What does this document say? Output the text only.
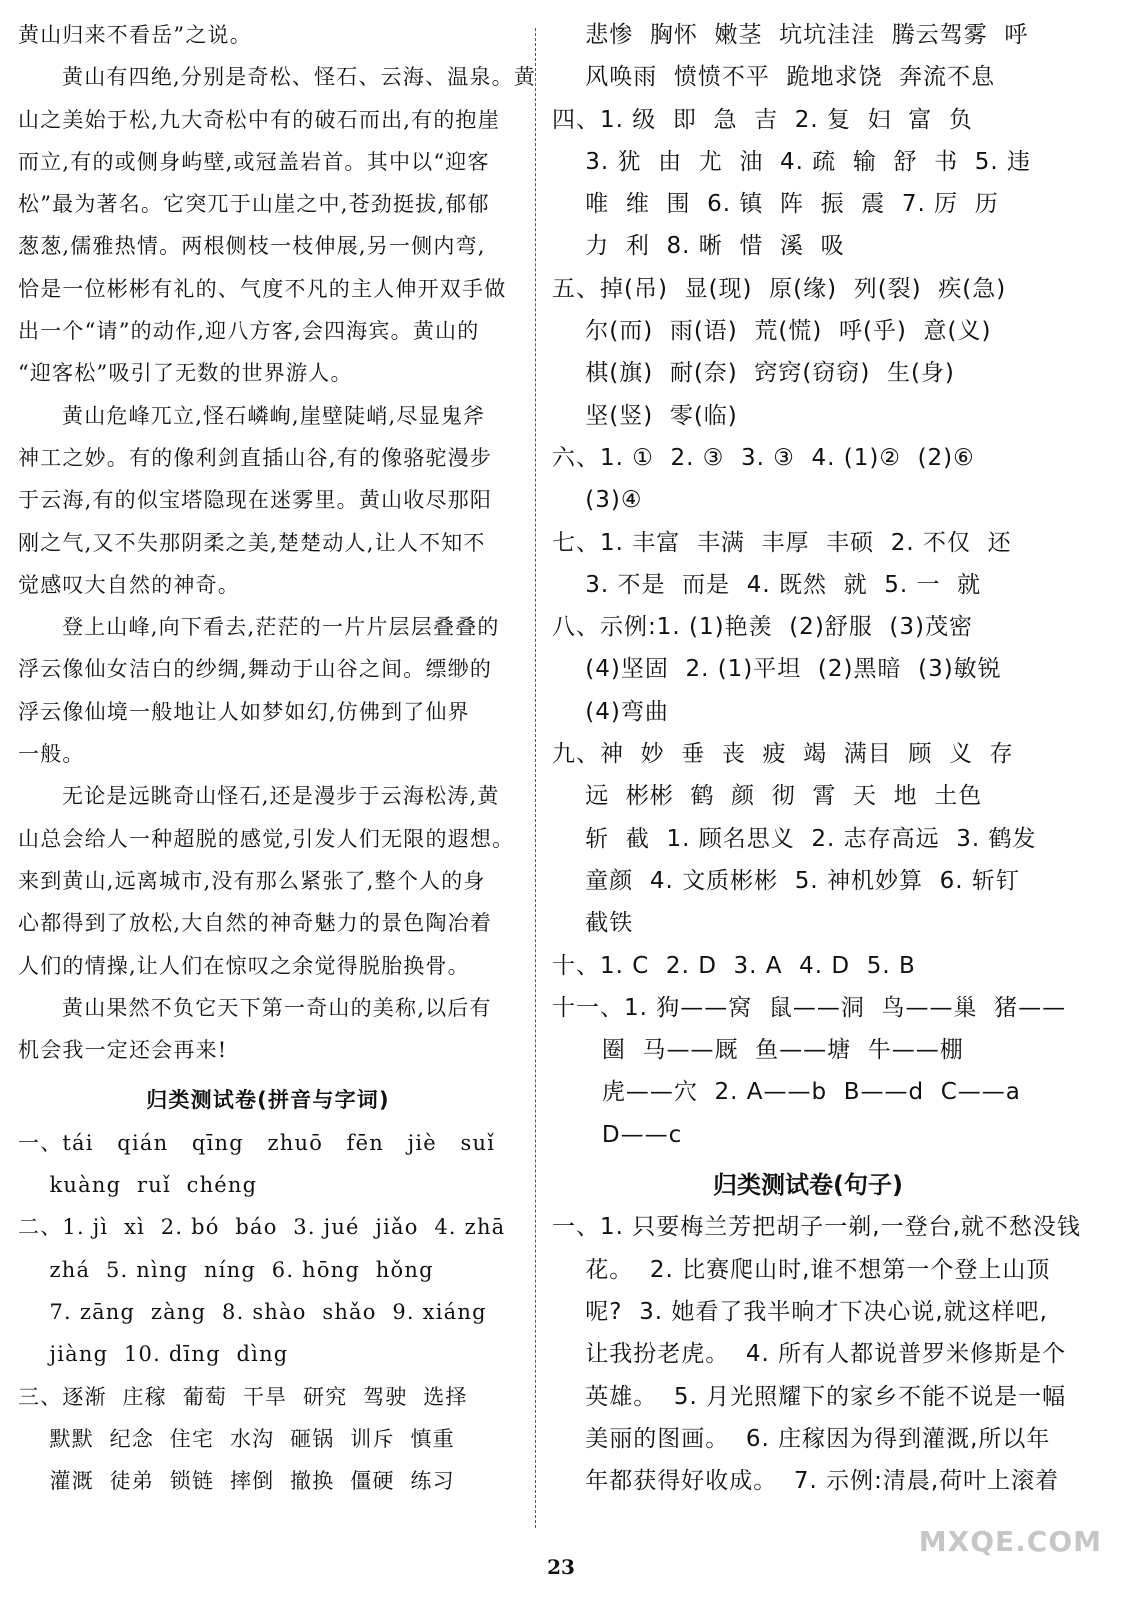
黄山归来不看岳”之说。
黄山有四绝,分别是奇松、怪石、云海、温泉。黄
山之美始于松,九大奇松中有的破石而出,有的抱崖
而立,有的或侧身屿壁,或冠盖岩首。其中以“迎客
松”最为著名。它突兀于山崖之中,苍劲挺拔,郁郁
葱葱,儒雅热情。两根侧枝一枝伸展,另一侧内弯,
恰是一位彬彬有礼的、气度不凡的主人伸开双手做
出一个“请”的动作,迎八方客,会四海宾。黄山的
“迎客松”吸引了无数的世界游人。
黄山危峰兀立,怪石嶙峋,崖壁陡峭,尽显鬼斧
神工之妙。有的像利剑直插山谷,有的像骆驼漫步
于云海,有的似宝塔隐现在迷雾里。黄山收尽那阳
刚之气,又不失那阴柔之美,楚楚动人,让人不知不
觉感叹大自然的神奇。
登上山峰,向下看去,茫茫的一片片层层叠叠的
浮云像仙女洁白的纱绸,舞动于山谷之间。缥缈的
浮云像仙境一般地让人如梦如幻,仿佛到了仙界
一般。
无论是远眺奇山怪石,还是漫步于云海松涛,黄
山总会给人一种超脱的感觉,引发人们无限的遐想。
来到黄山,远离城市,没有那么紧张了,整个人的身
心都得到了放松,大自然的神奇魅力的景色陶冶着
人们的情操,让人们在惊叹之余觉得脱胎换骨。
黄山果然不负它天下第一奇山的美称,以后有
机会我一定还会再来!
归类测试卷(拼音与字词)
一、tái   qián   qīng   zhuō   fēn   jiè   suǐ
kuàng  ruǐ  chéng
二、1. jì  xì  2. bó  báo  3. jué  jiǎo  4. zhā
zhá  5. nìng  níng  6. hōng  hǒng
7. zāng  zàng  8. shào  shǎo  9. xiáng
jiàng  10. dīng  dìng
三、逐渐  庄稼  葡萄  干旱  研究  驾驶  选择
默默  纪念  住宅  水沟  砸锅  训斥  慎重
灌溉  徒弟  锁链  摔倒  撤换  僵硬  练习
悲惨  胸怀  嫩茎  坑坑洼洼  腾云驾雾  呼
风唤雨  愤愤不平  跪地求饶  奔流不息
四、1. 级  即  急  吉  2. 复  妇  富  负
3. 犹  由  尤  油  4. 疏  输  舒  书  5. 违
唯  维  围  6. 镇  阵  振  震  7. 厉  历
力  利  8. 晰  惜  溪  吸
五、掉(吊)  显(现)  原(缘)  列(裂)  疾(急)
尔(而)  雨(语)  荒(慌)  呼(乎)  意(义)
棋(旗)  耐(奈)  窍窍(窃窃)  生(身)
坚(竖)  零(临)
六、1. ①  2. ③  3. ③  4. (1)②  (2)⑥
(3)④
七、1. 丰富  丰满  丰厚  丰硕  2. 不仅  还
3. 不是  而是  4. 既然  就  5. 一  就
八、示例:1. (1)艳羡  (2)舒服  (3)茂密
(4)坚固  2. (1)平坦  (2)黑暗  (3)敏锐
(4)弯曲
九、神  妙  垂  丧  疲  竭  满目  顾  义  存
远  彬彬  鹤  颜  彻  霄  天  地  土色
斩  截  1. 顾名思义  2. 志存高远  3. 鹤发
童颜  4. 文质彬彬  5. 神机妙算  6. 斩钉
截铁
十、1. C  2. D  3. A  4. D  5. B
十一、1. 狗——窝  鼠——洞  鸟——巢  猪——
圈  马——厩  鱼——塘  牛——棚
虎——穴  2. A——b  B——d  C——a
D——c
归类测试卷(句子)
一、1. 只要梅兰芳把胡子一剃,一登台,就不愁没钱
花。  2. 比赛爬山时,谁不想第一个登上山顶
呢?  3. 她看了我半晌才下决心说,就这样吧,
让我扮老虎。  4. 所有人都说普罗米修斯是个
英雄。  5. 月光照耀下的家乡不能不说是一幅
美丽的图画。  6. 庄稼因为得到灌溉,所以年
年都获得好收成。  7. 示例:清晨,荷叶上滚着
23
MXQE.COM
